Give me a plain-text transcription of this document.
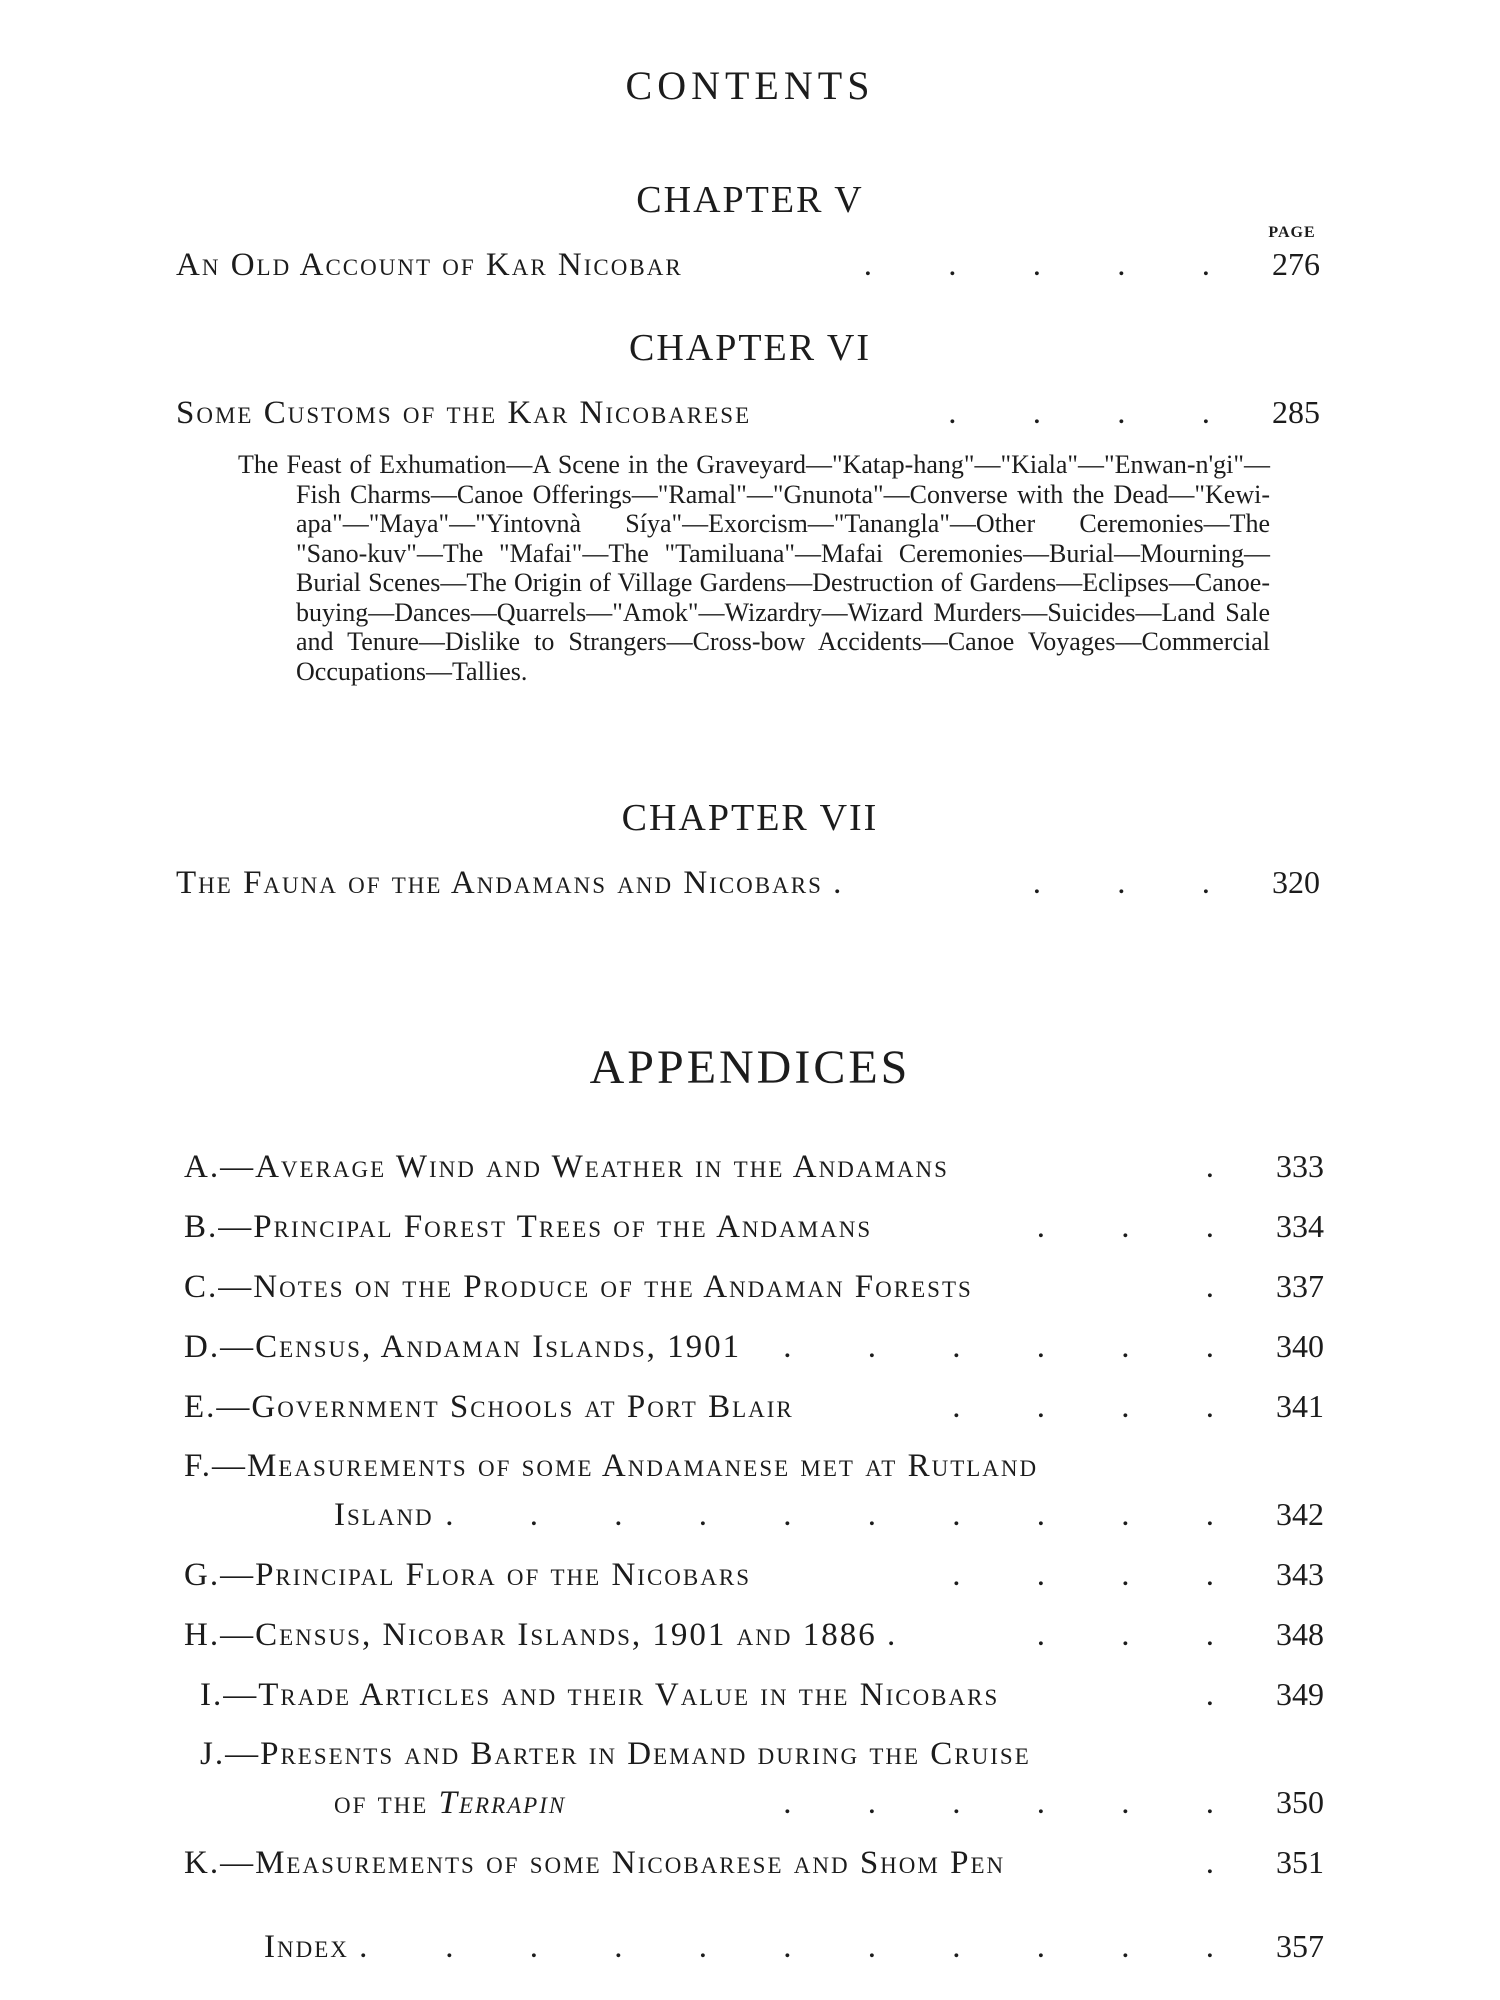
CONTENTS
CHAPTER V
PAGE
An Old Account of Kar Nicobar	. . . . . 276
CHAPTER VI
Some Customs of the Kar Nicobarese	. . . . 285
The Feast of Exhumation—A Scene in the Graveyard—"Katap-hang"—"Kiala"—"Enwan-n'gi"—Fish Charms—Canoe Offerings—"Ramal"—"Gnunota"—Converse with the Dead—"Kewi-apa"—"Maya"—"Yintovnà Síya"—Exorcism—"Tanangla"—Other Ceremonies—The "Sano-kuv"—The "Mafai"—The "Tamiluana"—Mafai Ceremonies—Burial—Mourning—Burial Scenes—The Origin of Village Gardens—Destruction of Gardens—Eclipses—Canoe-buying—Dances—Quarrels—"Amok"—Wizardry—Wizard Murders—Suicides—Land Sale and Tenure—Dislike to Strangers—Cross-bow Accidents—Canoe Voyages—Commercial Occupations—Tallies.
CHAPTER VII
The Fauna of the Andamans and Nicobars .	. . . 320
APPENDICES
A.—Average Wind and Weather in the Andamans	. 333
B.—Principal Forest Trees of the Andamans	. . . 334
C.—Notes on the Produce of the Andaman Forests	. 337
D.—Census, Andaman Islands, 1901	. . . . . . 340
E.—Government Schools at Port Blair	. . . . 341
F.—Measurements of some Andamanese met at Rutland
Island . . . . . . . . . . 342
G.—Principal Flora of the Nicobars	. . . . 343
H.—Census, Nicobar Islands, 1901 and 1886 .	. . . 348
I.—Trade Articles and their Value in the Nicobars	. 349
J.—Presents and Barter in Demand during the Cruise
of the Terrapin	. . . . . . 350
K.—Measurements of some Nicobarese and Shom Pen	. 351
Index .	. . . . . . . . . . 357
